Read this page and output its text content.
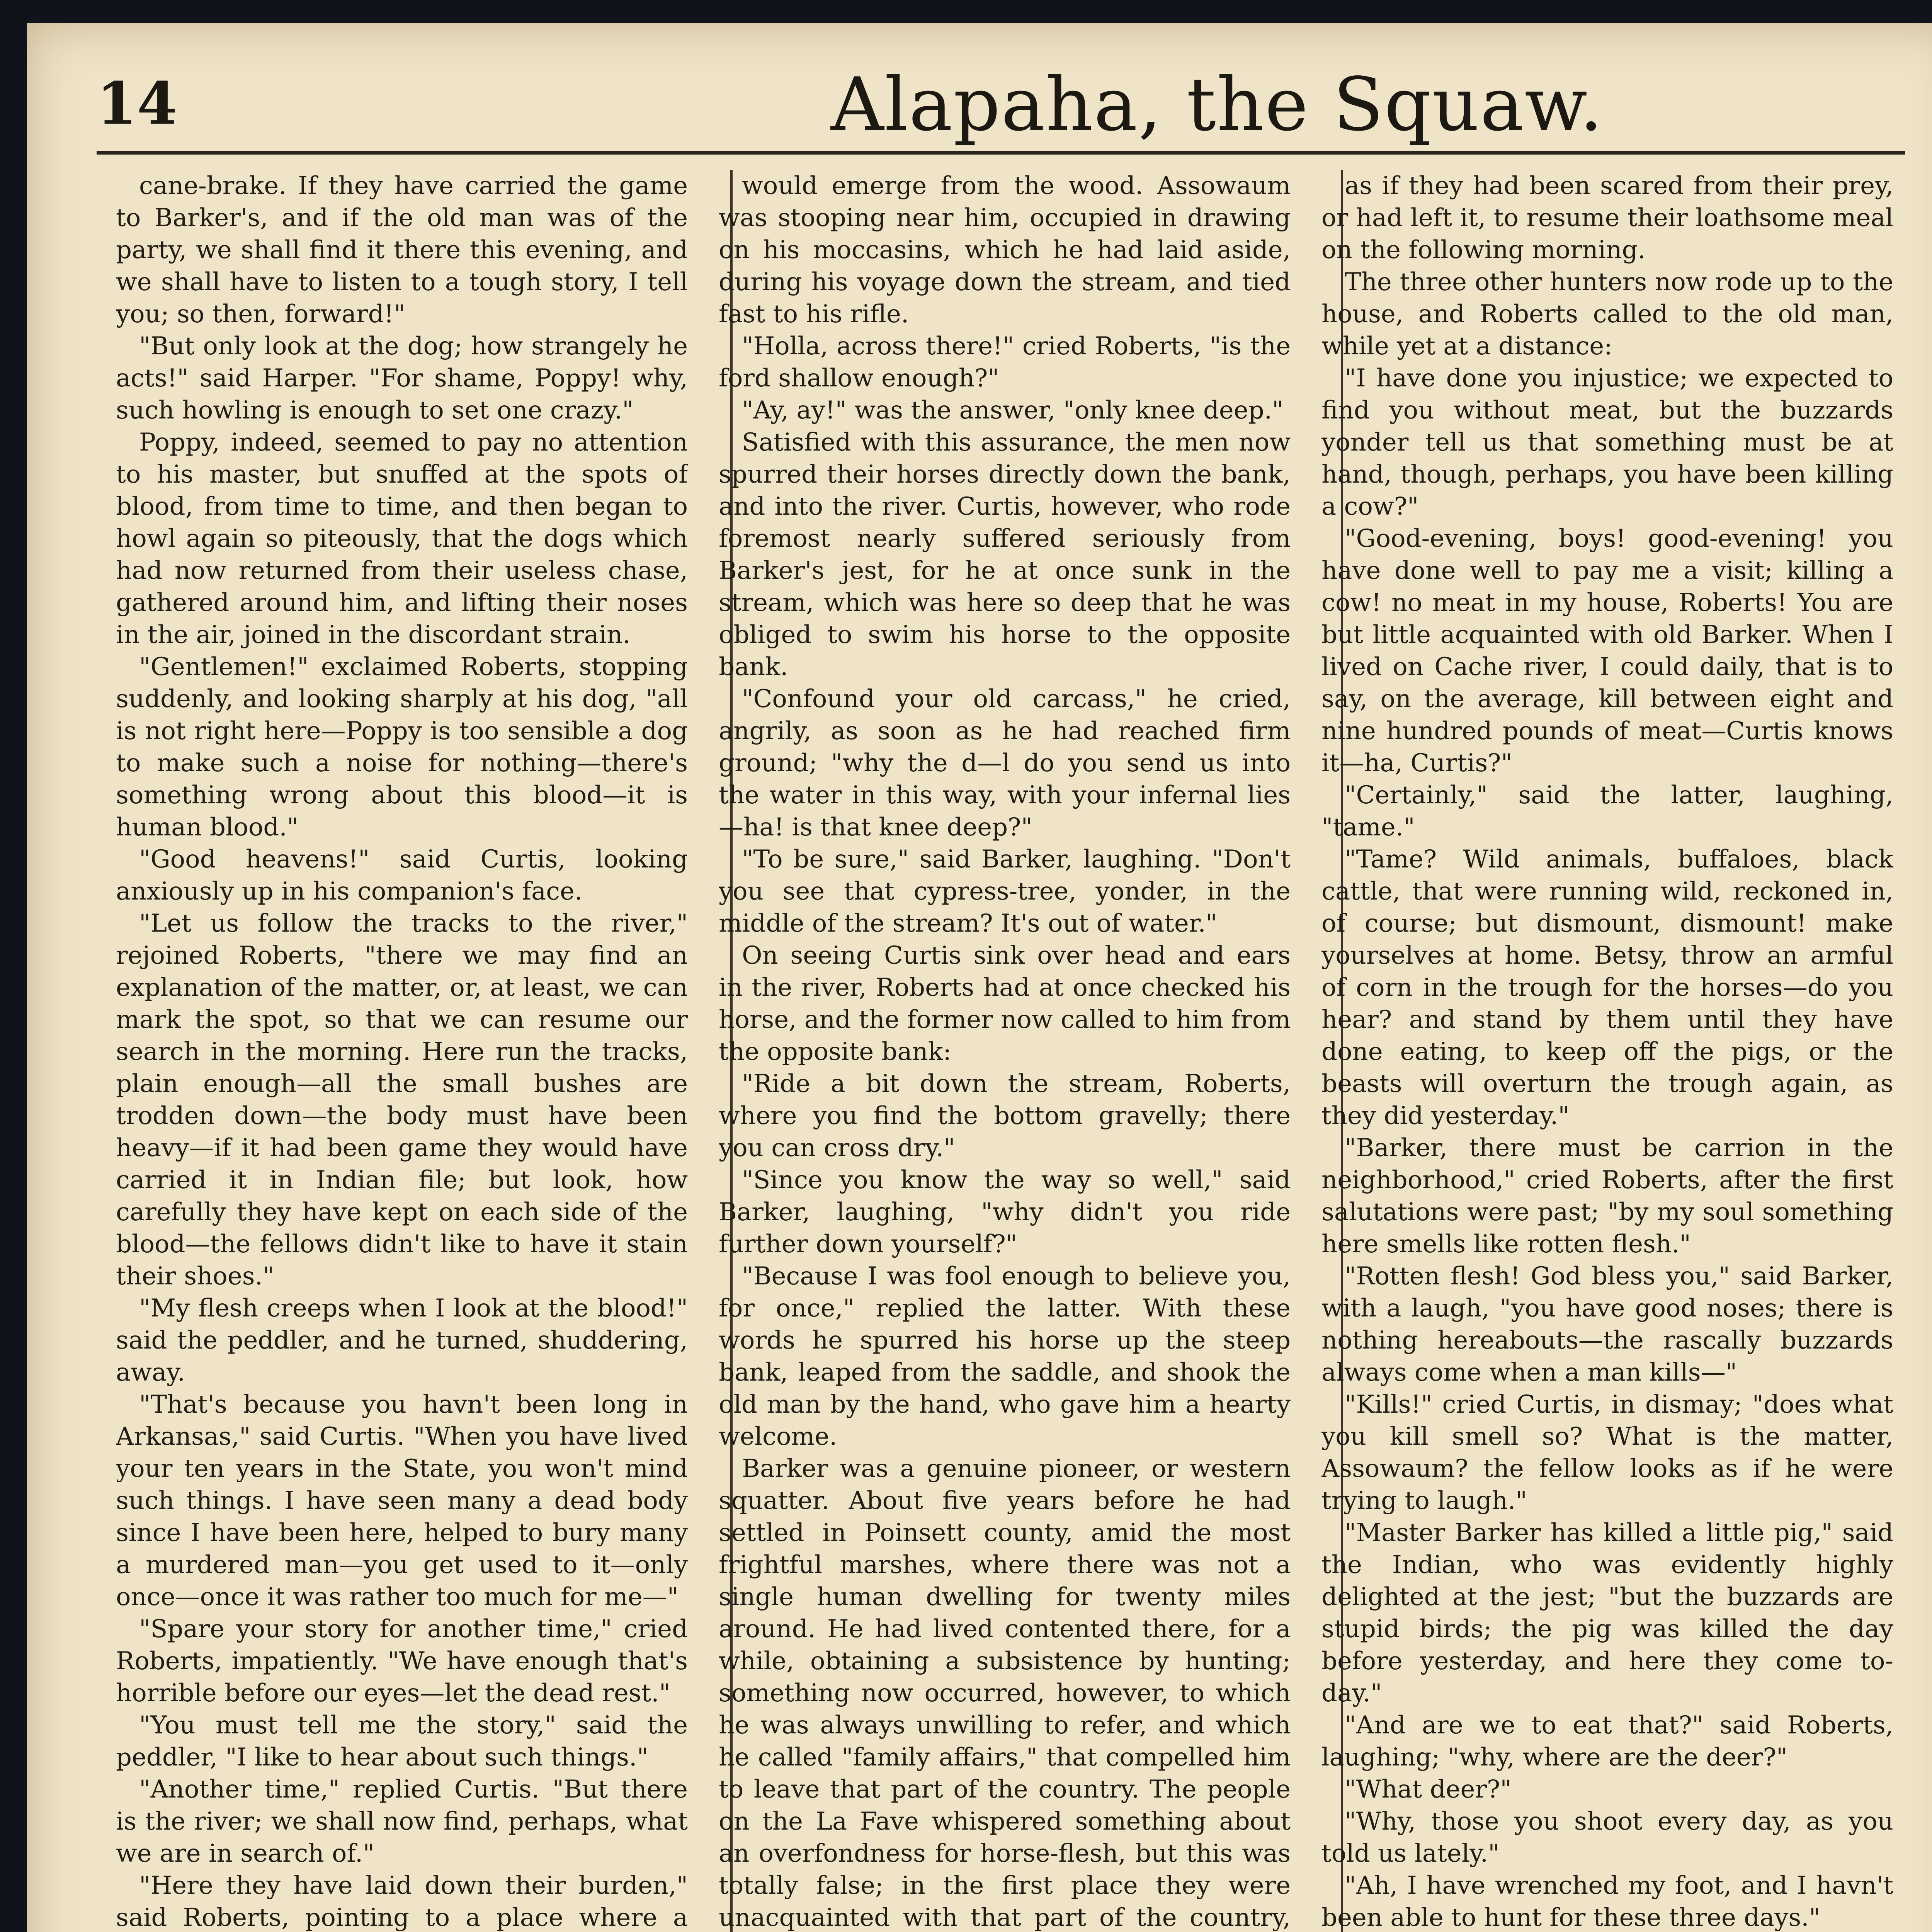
14	Alapaha, the Squaw.

cane-brake. If they have carried the game to Barker's, and if the old man was of the party, we shall find it there this evening, and we shall have to listen to a tough story, I tell you; so then, forward!"

"But only look at the dog; how strangely he acts!" said Harper. "For shame, Poppy! why, such howling is enough to set one crazy."

Poppy, indeed, seemed to pay no attention to his master, but snuffed at the spots of blood, from time to time, and then began to howl again so piteously, that the dogs which had now returned from their useless chase, gathered around him, and lifting their noses in the air, joined in the discordant strain.

"Gentlemen!" exclaimed Roberts, stopping suddenly, and looking sharply at his dog, "all is not right here—Poppy is too sensible a dog to make such a noise for nothing—there's something wrong about this blood—it is human blood."

"Good heavens!" said Curtis, looking anxiously up in his companion's face.

"Let us follow the tracks to the river," rejoined Roberts, "there we may find an explanation of the matter, or, at least, we can mark the spot, so that we can resume our search in the morning. Here run the tracks, plain enough—all the small bushes are trodden down—the body must have been heavy—if it had been game they would have carried it in Indian file; but look, how carefully they have kept on each side of the blood—the fellows didn't like to have it stain their shoes."

"My flesh creeps when I look at the blood!" said the peddler, and he turned, shuddering, away.

"That's because you havn't been long in Arkansas," said Curtis. "When you have lived your ten years in the State, you won't mind such things. I have seen many a dead body since I have been here, helped to bury many a murdered man—you get used to it—only once—once it was rather too much for me—"

"Spare your story for another time," cried Roberts, impatiently. "We have enough that's horrible before our eyes—let the dead rest."

"You must tell me the story," said the peddler, "I like to hear about such things."

"Another time," replied Curtis. "But there is the river; we shall now find, perhaps, what we are in search of."

"Here they have laid down their burden," said Roberts, pointing to a place where a

would emerge from the wood. Assowaum was stooping near him, occupied in drawing on his moccasins, which he had laid aside, during his voyage down the stream, and tied fast to his rifle.

"Holla, across there!" cried Roberts, "is the ford shallow enough?"

"Ay, ay!" was the answer, "only knee deep."

Satisfied with this assurance, the men now spurred their horses directly down the bank, and into the river. Curtis, however, who rode foremost nearly suffered seriously from Barker's jest, for he at once sunk in the stream, which was here so deep that he was obliged to swim his horse to the opposite bank.

"Confound your old carcass," he cried, angrily, as soon as he had reached firm ground; "why the d—l do you send us into the water in this way, with your infernal lies—ha! is that knee deep?"

"To be sure," said Barker, laughing. "Don't you see that cypress-tree, yonder, in the middle of the stream? It's out of water."

On seeing Curtis sink over head and ears in the river, Roberts had at once checked his horse, and the former now called to him from the opposite bank:

"Ride a bit down the stream, Roberts, where you find the bottom gravelly; there you can cross dry."

"Since you know the way so well," said Barker, laughing, "why didn't you ride further down yourself?"

"Because I was fool enough to believe you, for once," replied the latter. With these words he spurred his horse up the steep bank, leaped from the saddle, and shook the old man by the hand, who gave him a hearty welcome.

Barker was a genuine pioneer, or western squatter. About five years before he had settled in Poinsett county, amid the most frightful marshes, where there was not a single human dwelling for twenty miles around. He had lived contented there, for a while, obtaining a subsistence by hunting; something now occurred, however, to which he was always unwilling to refer, and which he called "family affairs," that compelled him to leave that part of the country. The people on the La Fave whispered something about an overfondness for horse-flesh, but this was totally false; in the first place they were unacquainted with that part of the country,

as if they had been scared from their prey, or had left it, to resume their loathsome meal on the following morning.

The three other hunters now rode up to the house, and Roberts called to the old man, while yet at a distance:

"I have done you injustice; we expected to find you without meat, but the buzzards yonder tell us that something must be at hand, though, perhaps, you have been killing a cow?"

"Good-evening, boys! good-evening! you have done well to pay me a visit; killing a cow! no meat in my house, Roberts! You are but little acquainted with old Barker. When I lived on Cache river, I could daily, that is to say, on the average, kill between eight and nine hundred pounds of meat—Curtis knows it—ha, Curtis?"

"Certainly," said the latter, laughing, "tame."

"Tame? Wild animals, buffaloes, black cattle, that were running wild, reckoned in, of course; but dismount, dismount! make yourselves at home. Betsy, throw an armful of corn in the trough for the horses—do you hear? and stand by them until they have done eating, to keep off the pigs, or the beasts will overturn the trough again, as they did yesterday."

"Barker, there must be carrion in the neighborhood," cried Roberts, after the first salutations were past; "by my soul something here smells like rotten flesh."

"Rotten flesh! God bless you," said Barker, with a laugh, "you have good noses; there is nothing hereabouts—the rascally buzzards always come when a man kills—"

"Kills!" cried Curtis, in dismay; "does what you kill smell so? What is the matter, Assowaum? the fellow looks as if he were trying to laugh."

"Master Barker has killed a little pig," said the Indian, who was evidently highly delighted at the jest; "but the buzzards are stupid birds; the pig was killed the day before yesterday, and here they come to-day."

"And are we to eat that?" said Roberts, laughing; "why, where are the deer?"

"What deer?"

"Why, those you shoot every day, as you told us lately."

"Ah, I have wrenched my foot, and I havn't been able to hunt for these three days."
